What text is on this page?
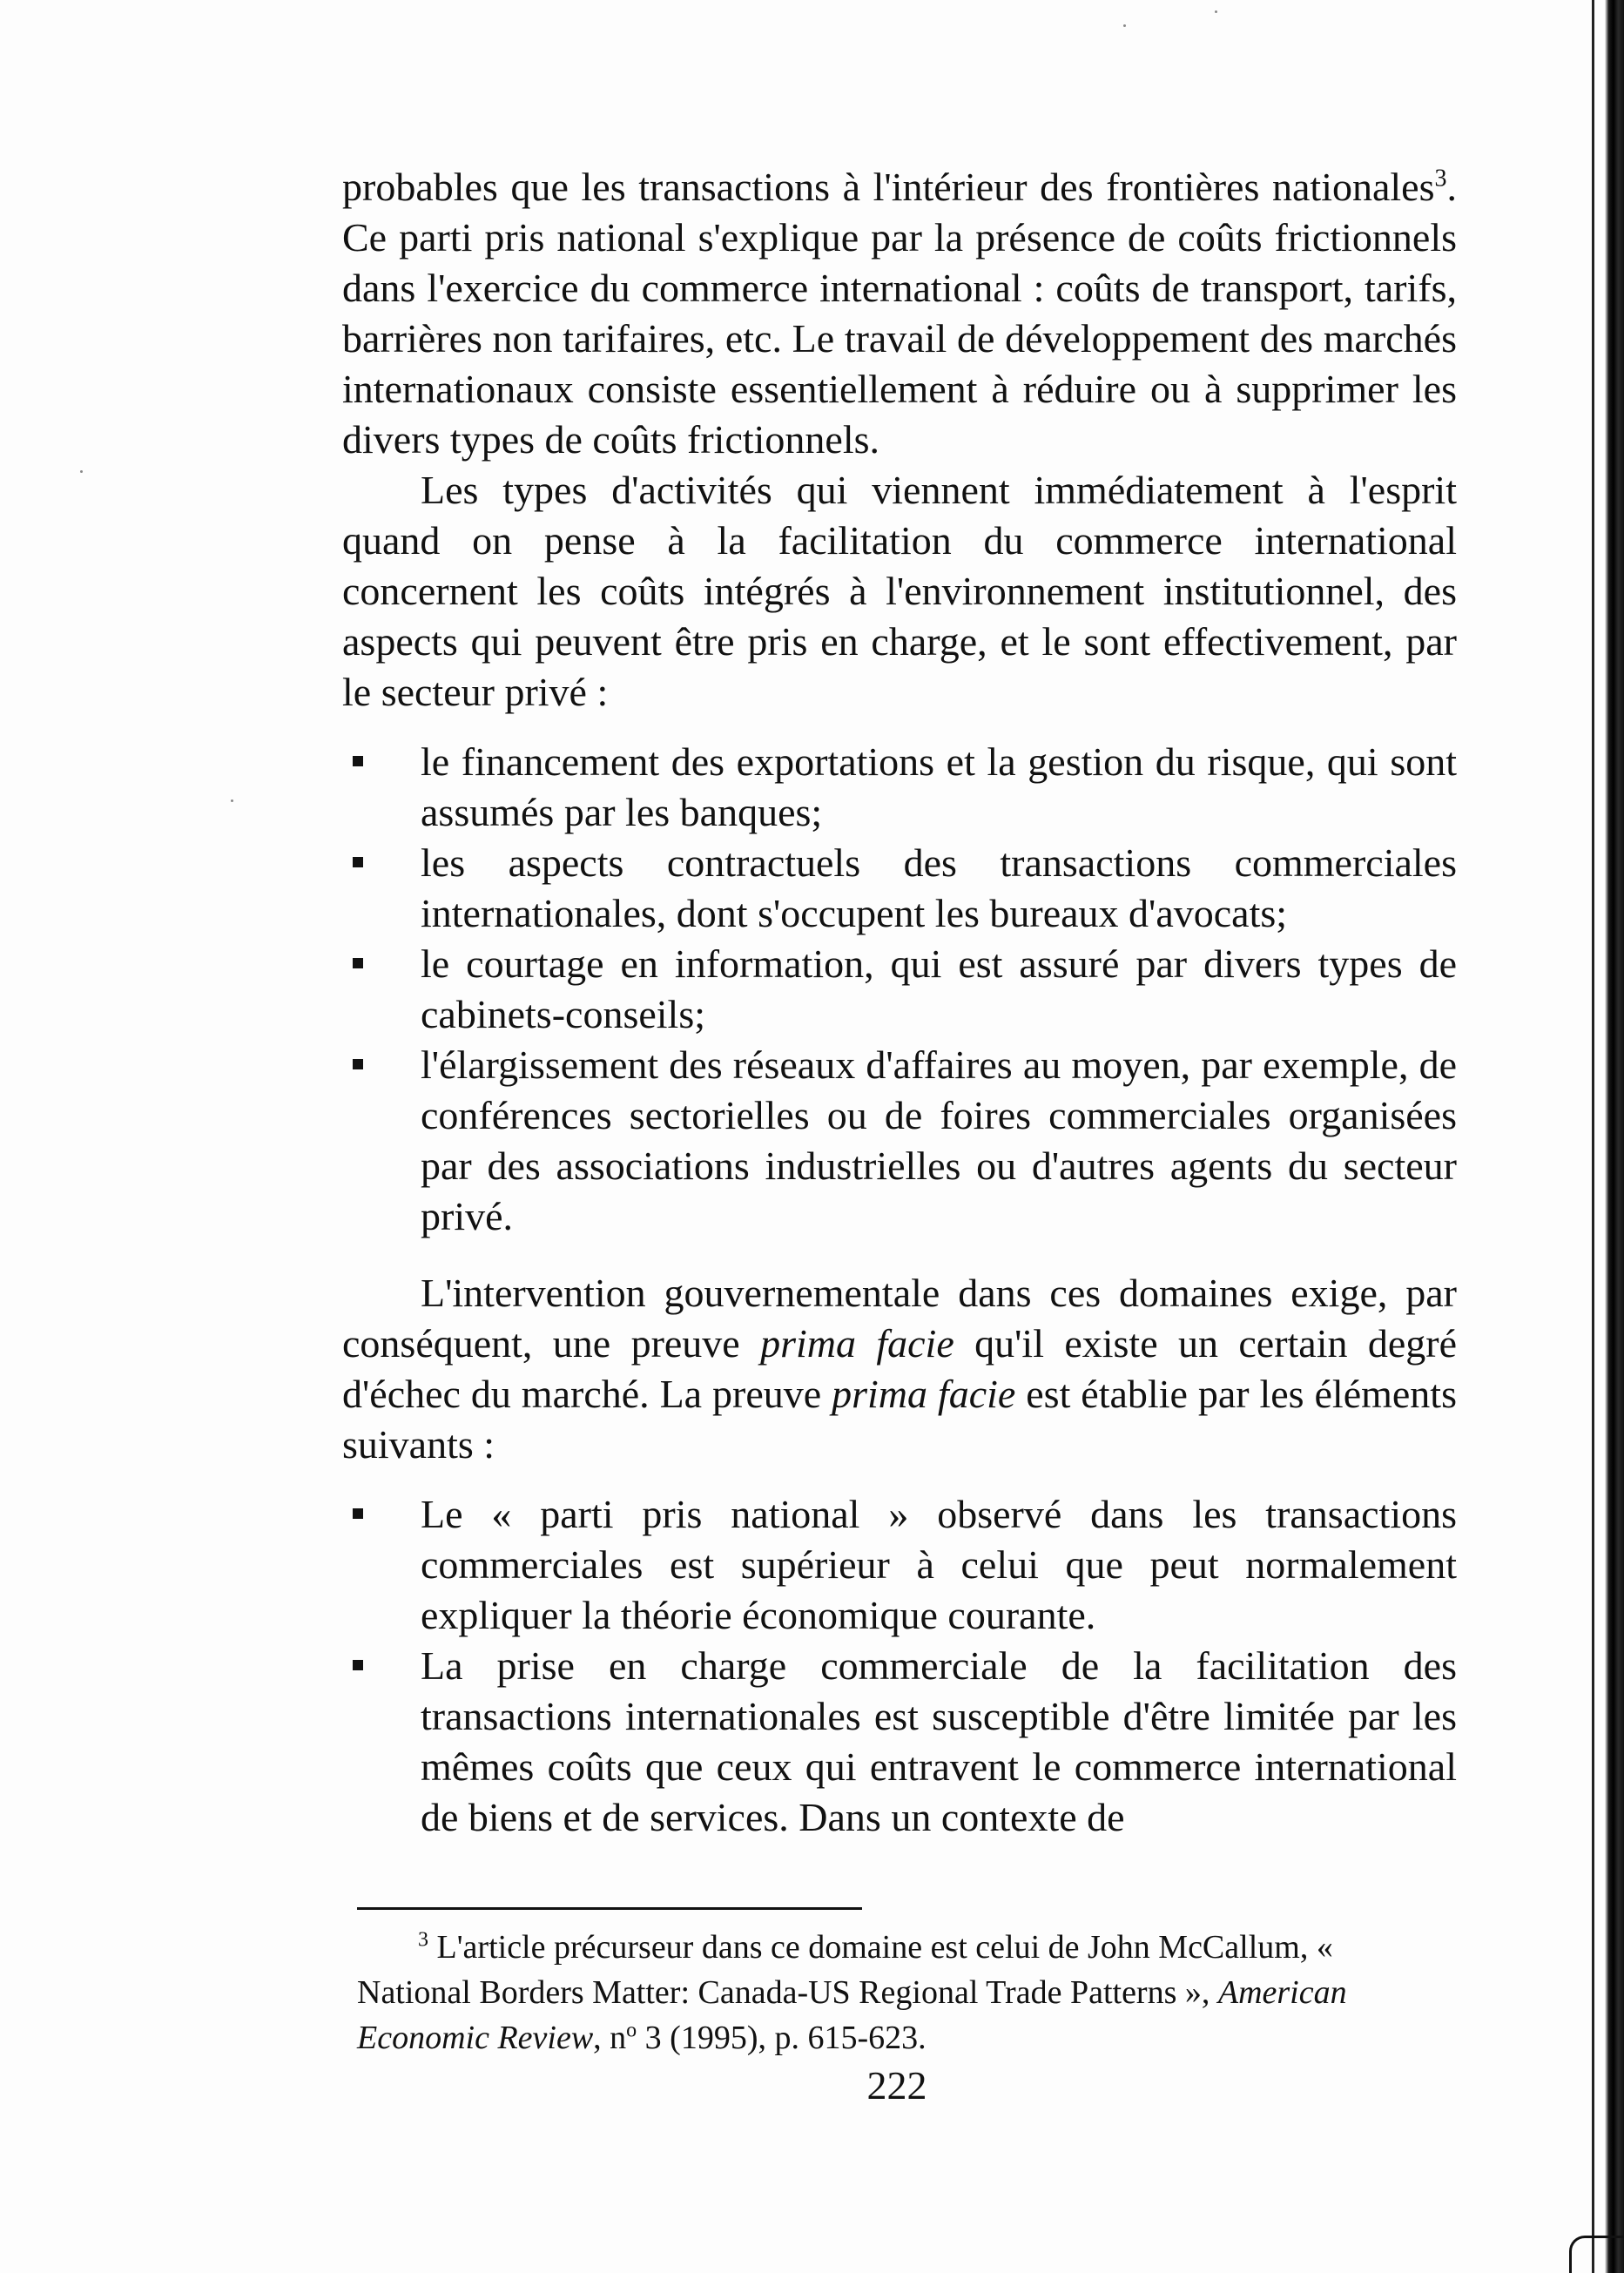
probables que les transactions à l'intérieur des frontières nationales$^3$. Ce parti pris national s'explique par la présence de coûts frictionnels dans l'exercice du commerce international : coûts de transport, tarifs, barrières non tarifaires, etc. Le travail de développement des marchés internationaux consiste essentiellement à réduire ou à supprimer les divers types de coûts frictionnels.

Les types d'activités qui viennent immédiatement à l'esprit quand on pense à la facilitation du commerce international concernent les coûts intégrés à l'environnement institutionnel, des aspects qui peuvent être pris en charge, et le sont effectivement, par le secteur privé :

le financement des exportations et la gestion du risque, qui sont assumés par les banques;
les aspects contractuels des transactions commerciales internationales, dont s'occupent les bureaux d'avocats;
le courtage en information, qui est assuré par divers types de cabinets-conseils;
l'élargissement des réseaux d'affaires au moyen, par exemple, de conférences sectorielles ou de foires commerciales organisées par des associations industrielles ou d'autres agents du secteur privé.

L'intervention gouvernementale dans ces domaines exige, par conséquent, une preuve prima facie qu'il existe un certain degré d'échec du marché. La preuve prima facie est établie par les éléments suivants :

Le « parti pris national » observé dans les transactions commerciales est supérieur à celui que peut normalement expliquer la théorie économique courante.
La prise en charge commerciale de la facilitation des transactions internationales est susceptible d'être limitée par les mêmes coûts que ceux qui entravent le commerce international de biens et de services. Dans un contexte de

$^3$ L'article précurseur dans ce domaine est celui de John McCallum, « National Borders Matter: Canada-US Regional Trade Patterns », American Economic Review, $n^o$ 3 (1995), p. 615-623.

222
